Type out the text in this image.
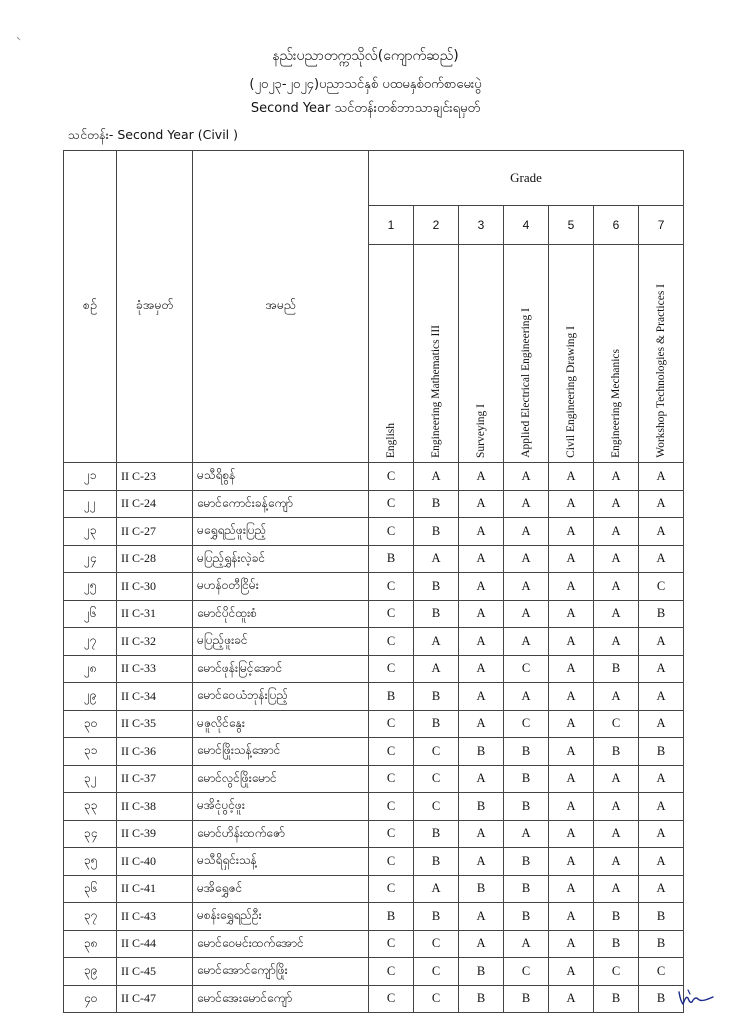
နည်းပညာတက္ကသိုလ်(ကျောက်ဆည်)
(၂၀၂၃-၂၀၂၄)ပညာသင်နှစ် ပထမနှစ်ဝက်စာမေးပွဲ
Second Year သင်တန်းတစ်ဘာသာချင်းရမှတ်
သင်တန်း- Second Year (Civil )
စဥ်	ခုံအမှတ်	အမည်	Grade						
			1	2	3	4	5	6	7
			English	Engineering Mathematics III	Surveying I	Applied Electrical Engineering I	Civil Engineering Drawing I	Engineering Mechanics	Workshop Technologies & Practices I
၂၁	II C-23	မသီရိစွန်	C	A	A	A	A	A	A
၂၂	II C-24	မောင်ကောင်းခန့်ကျော်	C	B	A	A	A	A	A
၂၃	II C-27	မရွှေရည်ဖူးပြည့်	C	B	A	A	A	A	A
၂၄	II C-28	မပြည့်ရွှန်းလဲ့ခင်	B	A	A	A	A	A	A
၂၅	II C-30	မဟန်ဝတီငြိမ်း	C	B	A	A	A	A	C
၂၆	II C-31	မောင်ပိုင်ထူးစံ	C	B	A	A	A	A	B
၂၇	II C-32	မပြည့်ဖူးခင်	C	A	A	A	A	A	A
၂၈	II C-33	မောင်ဖုန်းမြင့်အောင်	C	A	A	C	A	B	A
၂၉	II C-34	မောင်ဝေယံဘုန်းပြည့်	B	B	A	A	A	A	A
၃၀	II C-35	မဇူလိုင်နွေး	C	B	A	C	A	C	A
၃၁	II C-36	မောင်ဖြိုးသန့်အောင်	C	C	B	B	A	B	B
၃၂	II C-37	မောင်လွင်ဖြိုးမောင်	C	C	A	B	A	A	A
၃၃	II C-38	မအိငုံပွင့်ဖူး	C	C	B	B	A	A	A
၃၄	II C-39	မောင်ဟိန်းထက်ဇော်	C	B	A	A	A	A	A
၃၅	II C-40	မသီရိရှင်းသန့်	C	B	A	B	A	A	A
၃၆	II C-41	မအိရွှေဇင်	C	A	B	B	A	A	A
၃၇	II C-43	မစန်းရွှေရည်ဦး	B	B	A	B	A	B	B
၃၈	II C-44	မောင်ဝေမင်းထက်အောင်	C	C	A	A	A	B	B
၃၉	II C-45	မောင်အောင်ကျော်ဖြိုး	C	C	B	C	A	C	C
၄၀	II C-47	မောင်အေးမောင်ကျော်	C	C	B	B	A	B	B
